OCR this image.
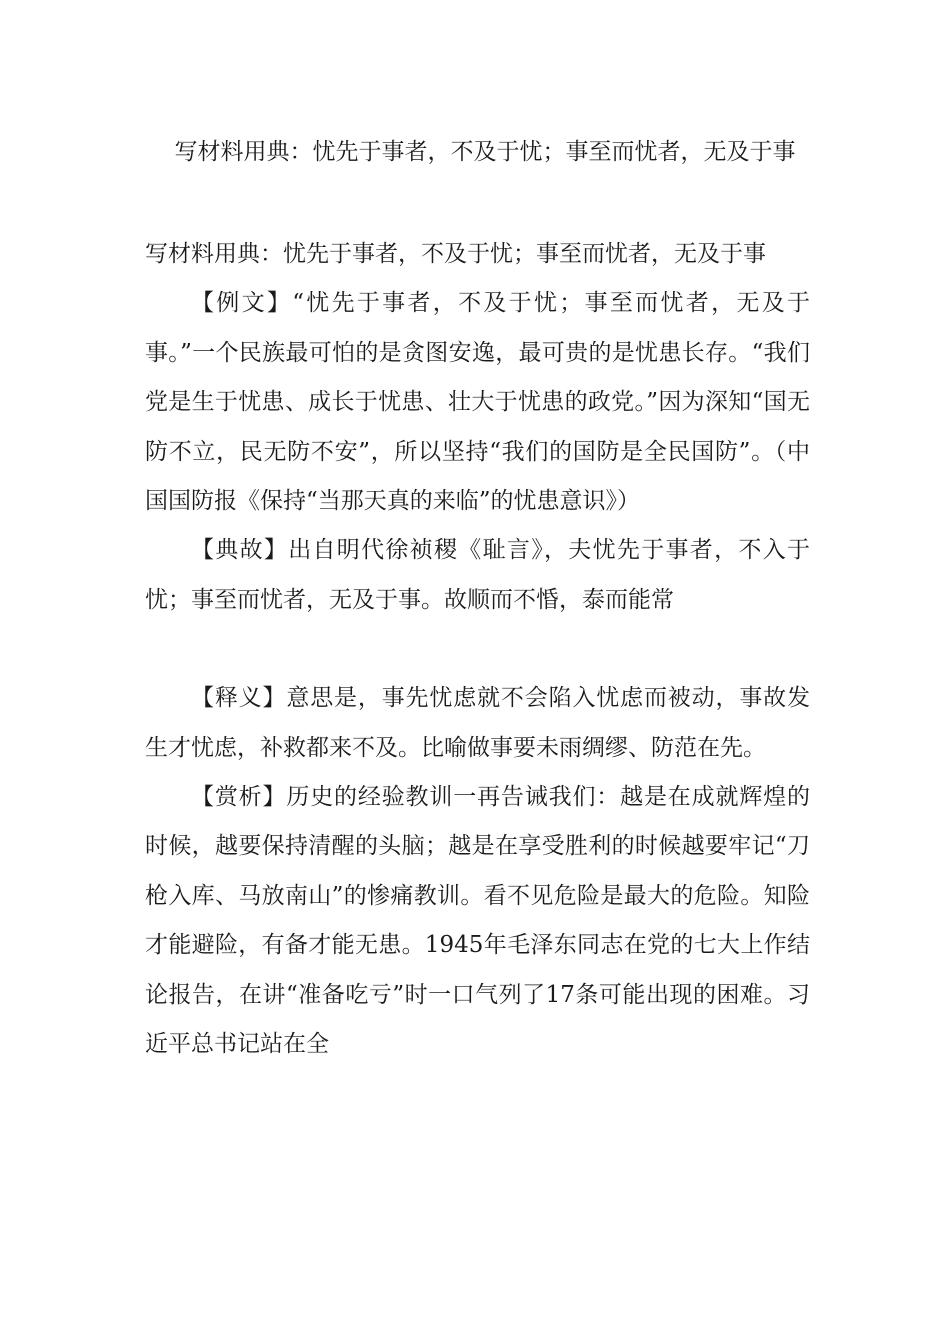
写材料用典：忧先于事者，不及于忧；事至而忧者，无及于事

写材料用典：忧先于事者，不及于忧；事至而忧者，无及于事

【例文】“忧先于事者，不及于忧；事至而忧者，无及于事。”一个民族最可怕的是贪图安逸，最可贵的是忧患长存。“我们党是生于忧患、成长于忧患、壮大于忧患的政党。”因为深知“国无防不立，民无防不安”，所以坚持“我们的国防是全民国防”。（中国国防报《保持“当那天真的来临”的忧患意识》）

【典故】出自明代徐祯稷《耻言》，夫忧先于事者，不入于忧；事至而忧者，无及于事。故顺而不惛，泰而能常

【释义】意思是，事先忧虑就不会陷入忧虑而被动，事故发生才忧虑，补救都来不及。比喻做事要未雨绸缪、防范在先。

【赏析】历史的经验教训一再告诫我们：越是在成就辉煌的时候，越要保持清醒的头脑；越是在享受胜利的时候越要牢记“刀枪入库、马放南山”的惨痛教训。看不见危险是最大的危险。知险才能避险，有备才能无患。1945年毛泽东同志在党的七大上作结论报告，在讲“准备吃亏”时一口气列了17条可能出现的困难。习近平总书记站在全
